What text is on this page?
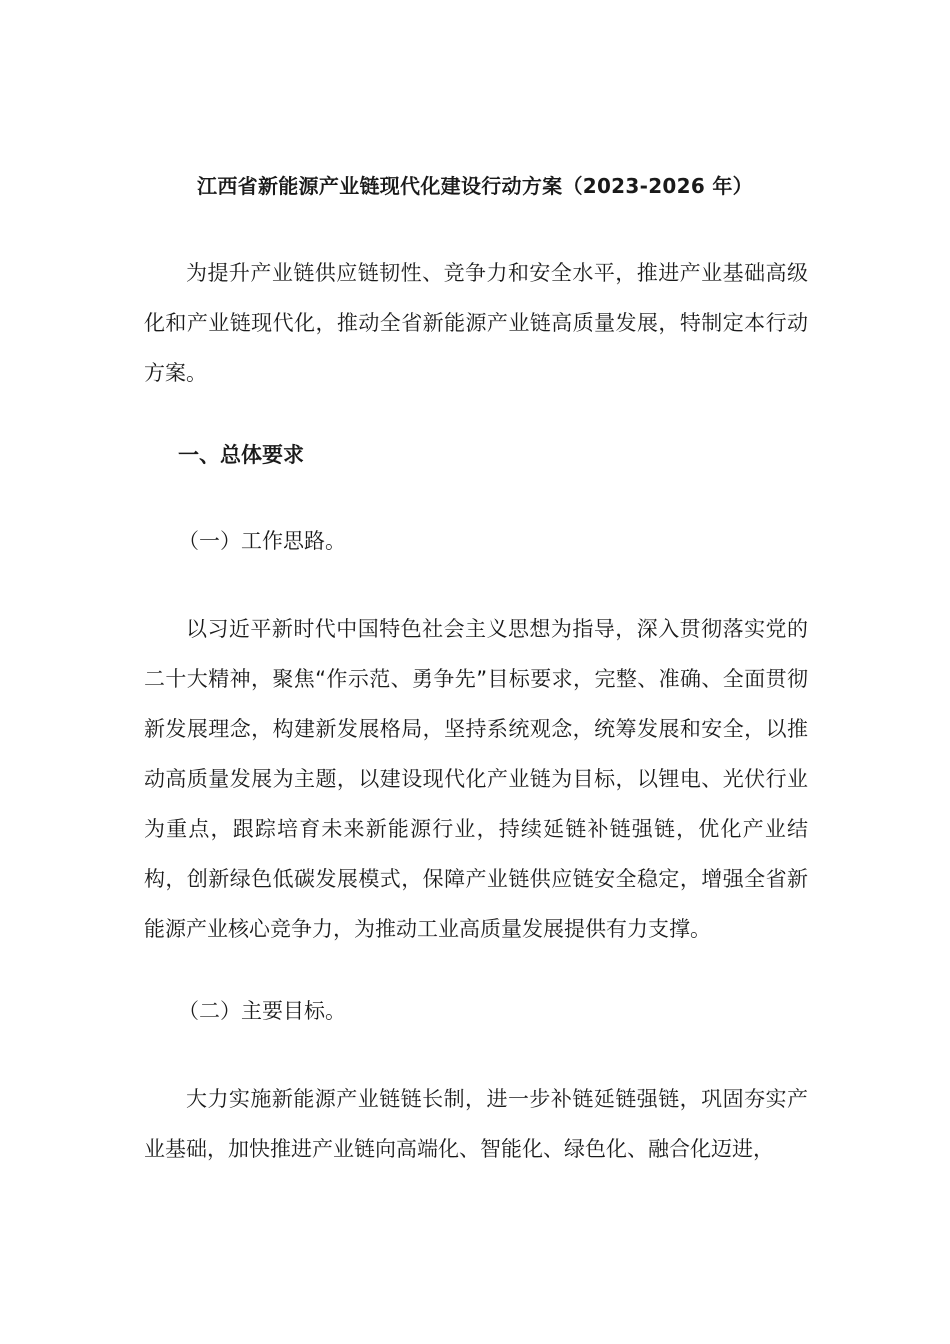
江西省新能源产业链现代化建设行动方案（2023-2026 年）

为提升产业链供应链韧性、竞争力和安全水平，推进产业基础高级化和产业链现代化，推动全省新能源产业链高质量发展，特制定本行动方案。

一、总体要求

（一）工作思路。

以习近平新时代中国特色社会主义思想为指导，深入贯彻落实党的二十大精神，聚焦“作示范、勇争先”目标要求，完整、准确、全面贯彻新发展理念，构建新发展格局，坚持系统观念，统筹发展和安全，以推动高质量发展为主题，以建设现代化产业链为目标，以锂电、光伏行业为重点，跟踪培育未来新能源行业，持续延链补链强链，优化产业结构，创新绿色低碳发展模式，保障产业链供应链安全稳定，增强全省新能源产业核心竞争力，为推动工业高质量发展提供有力支撑。

（二）主要目标。

大力实施新能源产业链链长制，进一步补链延链强链，巩固夯实产业基础，加快推进产业链向高端化、智能化、绿色化、融合化迈进，
